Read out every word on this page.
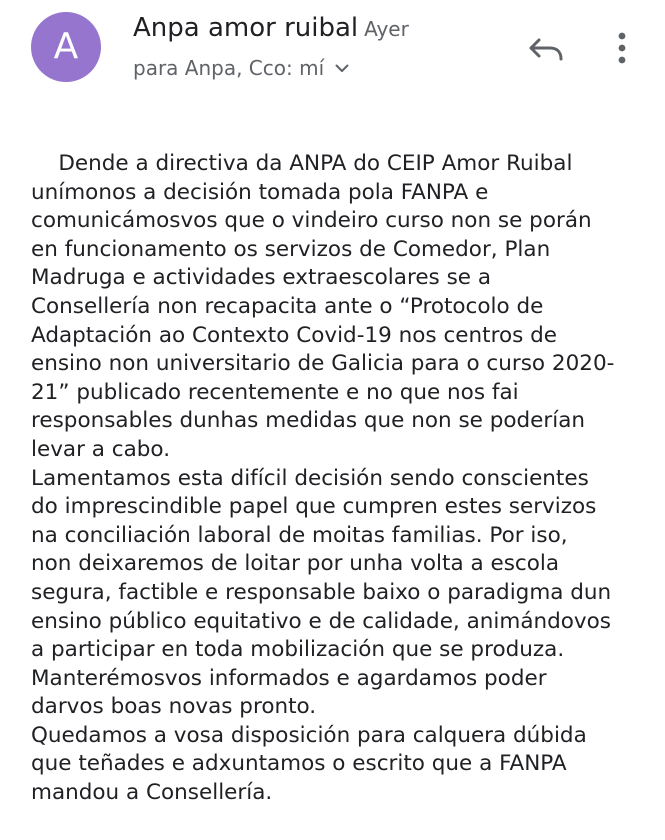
A	Anpa amor ruibal Ayer
para Anpa, Cco: mí

Dende a directiva da ANPA do CEIP Amor Ruibal

unímonos a decisión tomada pola FANPA e

comunicámosvos que o vindeiro curso non se porán

en funcionamento os servizos de Comedor, Plan

Madruga e actividades extraescolares se a

Consellería non recapacita ante o “Protocolo de

Adaptación ao Contexto Covid-19 nos centros de

ensino non universitario de Galicia para o curso 2020-

21” publicado recentemente e no que nos fai

responsables dunhas medidas que non se poderían

levar a cabo.

Lamentamos esta difícil decisión sendo conscientes

do imprescindible papel que cumpren estes servizos

na conciliación laboral de moitas familias. Por iso,

non deixaremos de loitar por unha volta a escola

segura, factible e responsable baixo o paradigma dun

ensino público equitativo e de calidade, animándovos

a participar en toda mobilización que se produza.

Manterémosvos informados e agardamos poder

darvos boas novas pronto.

Quedamos a vosa disposición para calquera dúbida

que teñades e adxuntamos o escrito que a FANPA

mandou a Consellería.
